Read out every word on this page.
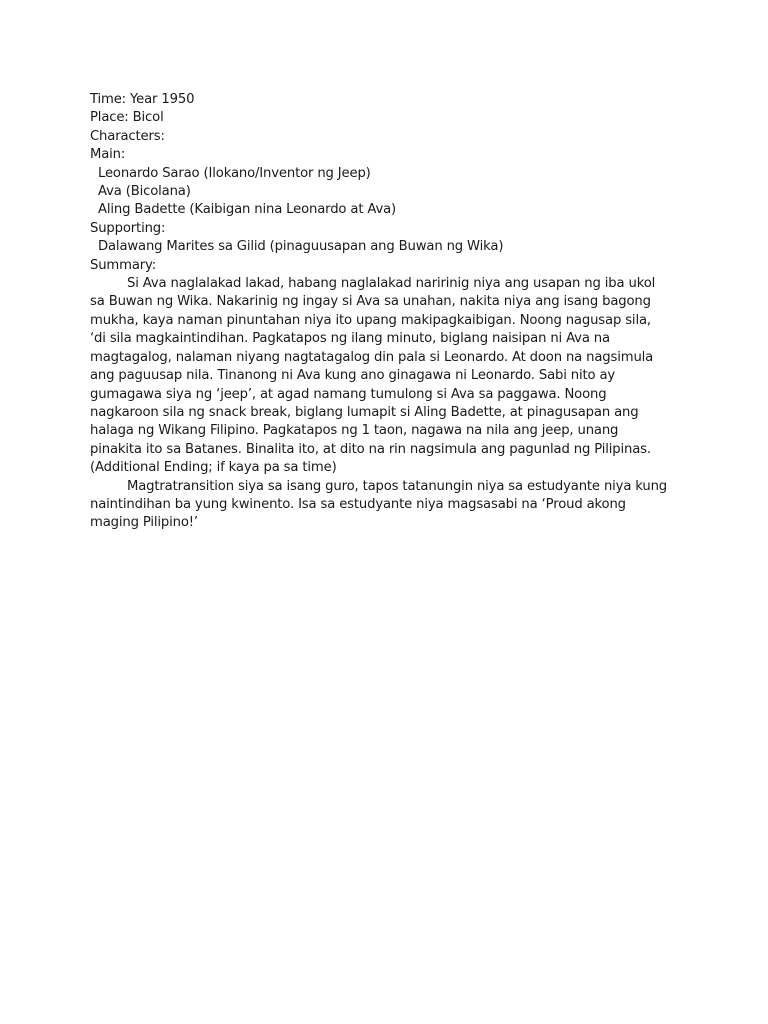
Time: Year 1950
Place: Bicol
Characters:
Main:
Leonardo Sarao (Ilokano/Inventor ng Jeep)
Ava (Bicolana)
Aling Badette (Kaibigan nina Leonardo at Ava)
Supporting:
Dalawang Marites sa Gilid (pinaguusapan ang Buwan ng Wika)
Summary:
Si Ava naglalakad lakad, habang naglalakad naririnig niya ang usapan ng iba ukol sa Buwan ng Wika. Nakarinig ng ingay si Ava sa unahan, nakita niya ang isang bagong mukha, kaya naman pinuntahan niya ito upang makipagkaibigan. Noong nagusap sila, ‘di sila magkaintindihan. Pagkatapos ng ilang minuto, biglang naisipan ni Ava na magtagalog, nalaman niyang nagtatagalog din pala si Leonardo. At doon na nagsimula ang paguusap nila. Tinanong ni Ava kung ano ginagawa ni Leonardo. Sabi nito ay gumagawa siya ng ‘jeep’, at agad namang tumulong si Ava sa paggawa. Noong nagkaroon sila ng snack break, biglang lumapit si Aling Badette, at pinagusapan ang halaga ng Wikang Filipino. Pagkatapos ng 1 taon, nagawa na nila ang jeep, unang pinakita ito sa Batanes. Binalita ito, at dito na rin nagsimula ang pagunlad ng Pilipinas.
(Additional Ending; if kaya pa sa time)
Magtratransition siya sa isang guro, tapos tatanungin niya sa estudyante niya kung naintindihan ba yung kwinento. Isa sa estudyante niya magsasabi na ‘Proud akong maging Pilipino!’
